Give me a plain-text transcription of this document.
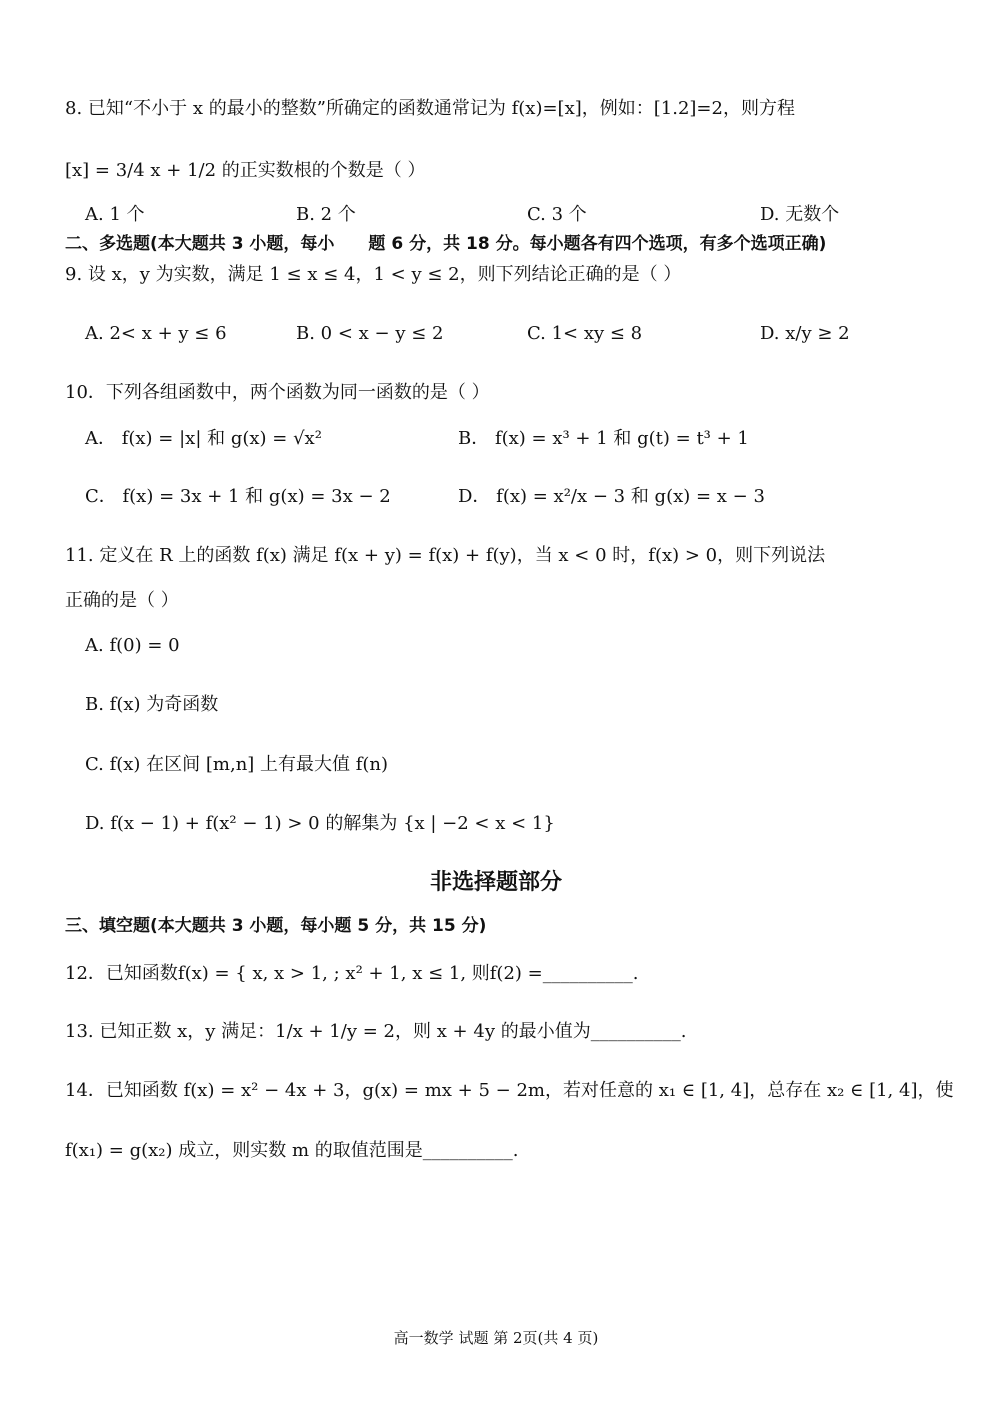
8. 已知“不小于 x 的最小的整数”所确定的函数通常记为 f(x)=[x]，例如：[1.2]=2，则方程
[x] = 3/4 x + 1/2 的正实数根的个数是（ ）
A. 1 个	B. 2 个	C. 3 个	D. 无数个
二、多选题(本大题共 3 小题，每小　　题 6 分，共 18 分。每小题各有四个选项，有多个选项正确)
9. 设 x，y 为实数，满足 1 ≤ x ≤ 4，1 < y ≤ 2，则下列结论正确的是（ ）
A. 2< x + y ≤ 6	B. 0 < x − y ≤ 2	C. 1< xy ≤ 8	D. x/y ≥ 2
10．下列各组函数中，两个函数为同一函数的是（ ）
A． f(x) = |x| 和 g(x) = √x²	B． f(x) = x³ + 1 和 g(t) = t³ + 1
C． f(x) = 3x + 1 和 g(x) = 3x − 2	D． f(x) = x²/x − 3 和 g(x) = x − 3
11. 定义在 R 上的函数 f(x) 满足 f(x + y) = f(x) + f(y)，当 x < 0 时，f(x) > 0，则下列说法
正确的是（ ）
A. f(0) = 0
B. f(x) 为奇函数
C. f(x) 在区间 [m,n] 上有最大值 f(n)
D. f(x − 1) + f(x² − 1) > 0 的解集为 {x | −2 < x < 1}
非选择题部分
三、填空题(本大题共 3 小题，每小题 5 分，共 15 分)
12．已知函数f(x) = { x, x > 1, ; x² + 1, x ≤ 1, 则f(2) =__________.
13. 已知正数 x，y 满足：1/x + 1/y = 2，则 x + 4y 的最小值为__________.
14．已知函数 f(x) = x² − 4x + 3，g(x) = mx + 5 − 2m，若对任意的 x₁ ∈ [1, 4]，总存在 x₂ ∈ [1, 4]，使
f(x₁) = g(x₂) 成立，则实数 m 的取值范围是__________.
高一数学 试题 第 2页(共 4 页)
